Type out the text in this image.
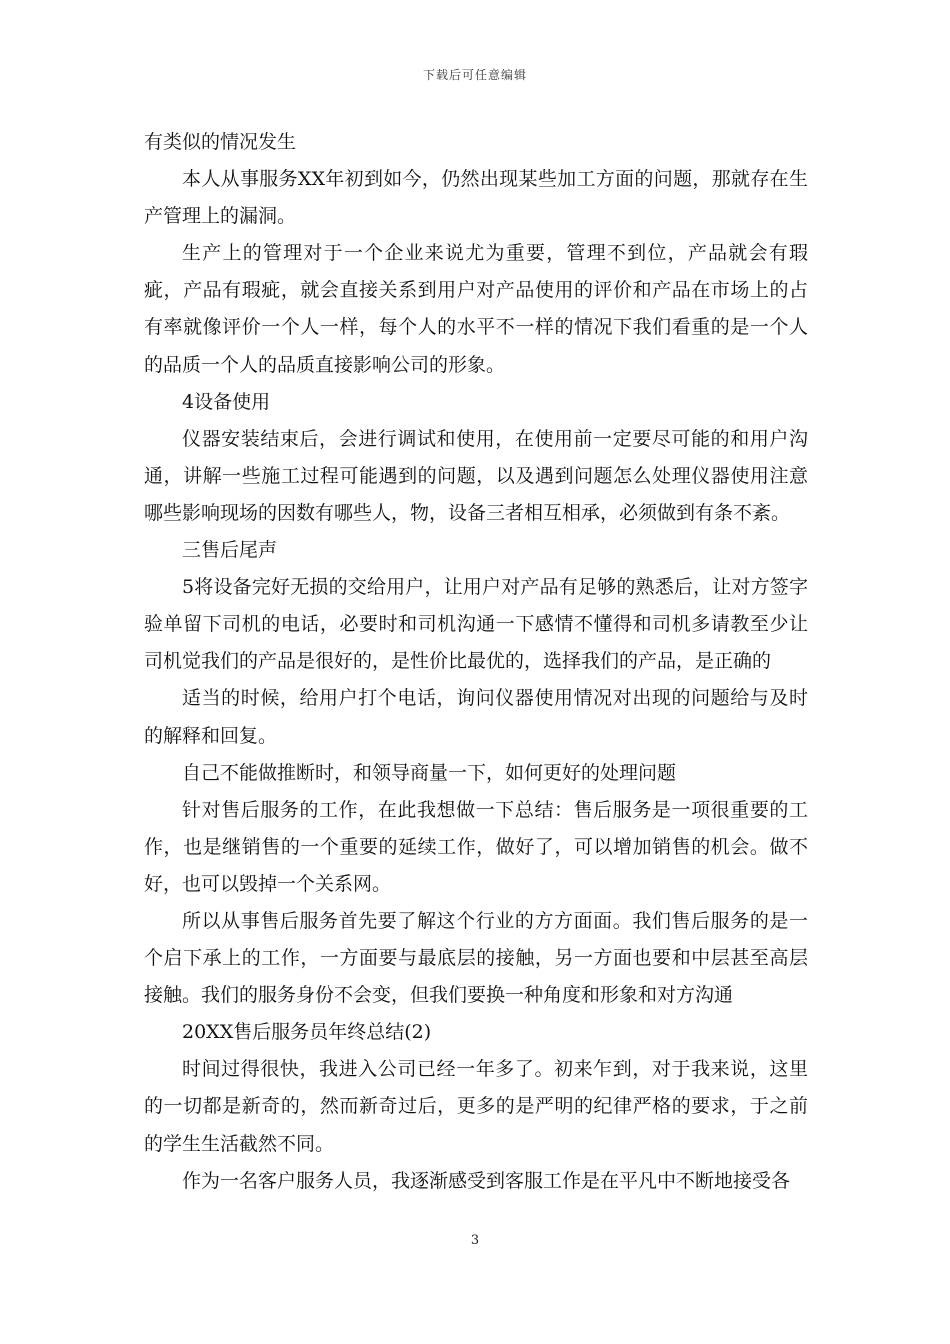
下载后可任意编辑

有类似的情况发生

本人从事服务XX年初到如今，仍然出现某些加工方面的问题，那就存在生产管理上的漏洞。

生产上的管理对于一个企业来说尤为重要，管理不到位，产品就会有瑕疵，产品有瑕疵，就会直接关系到用户对产品使用的评价和产品在市场上的占有率就像评价一个人一样，每个人的水平不一样的情况下我们看重的是一个人的品质一个人的品质直接影响公司的形象。

4设备使用

仪器安装结束后，会进行调试和使用，在使用前一定要尽可能的和用户沟通，讲解一些施工过程可能遇到的问题，以及遇到问题怎么处理仪器使用注意哪些影响现场的因数有哪些人，物，设备三者相互相承，必须做到有条不紊。

三售后尾声

5将设备完好无损的交给用户，让用户对产品有足够的熟悉后，让对方签字验单留下司机的电话，必要时和司机沟通一下感情不懂得和司机多请教至少让司机觉我们的产品是很好的，是性价比最优的，选择我们的产品，是正确的

适当的时候，给用户打个电话，询问仪器使用情况对出现的问题给与及时的解释和回复。

自己不能做推断时，和领导商量一下，如何更好的处理问题

针对售后服务的工作，在此我想做一下总结：售后服务是一项很重要的工作，也是继销售的一个重要的延续工作，做好了，可以增加销售的机会。做不好，也可以毁掉一个关系网。

所以从事售后服务首先要了解这个行业的方方面面。我们售后服务的是一个启下承上的工作，一方面要与最底层的接触，另一方面也要和中层甚至高层接触。我们的服务身份不会变，但我们要换一种角度和形象和对方沟通

20XX售后服务员年终总结(2)

时间过得很快，我进入公司已经一年多了。初来乍到，对于我来说，这里的一切都是新奇的，然而新奇过后，更多的是严明的纪律严格的要求，于之前的学生生活截然不同。

作为一名客户服务人员，我逐渐感受到客服工作是在平凡中不断地接受各

3
